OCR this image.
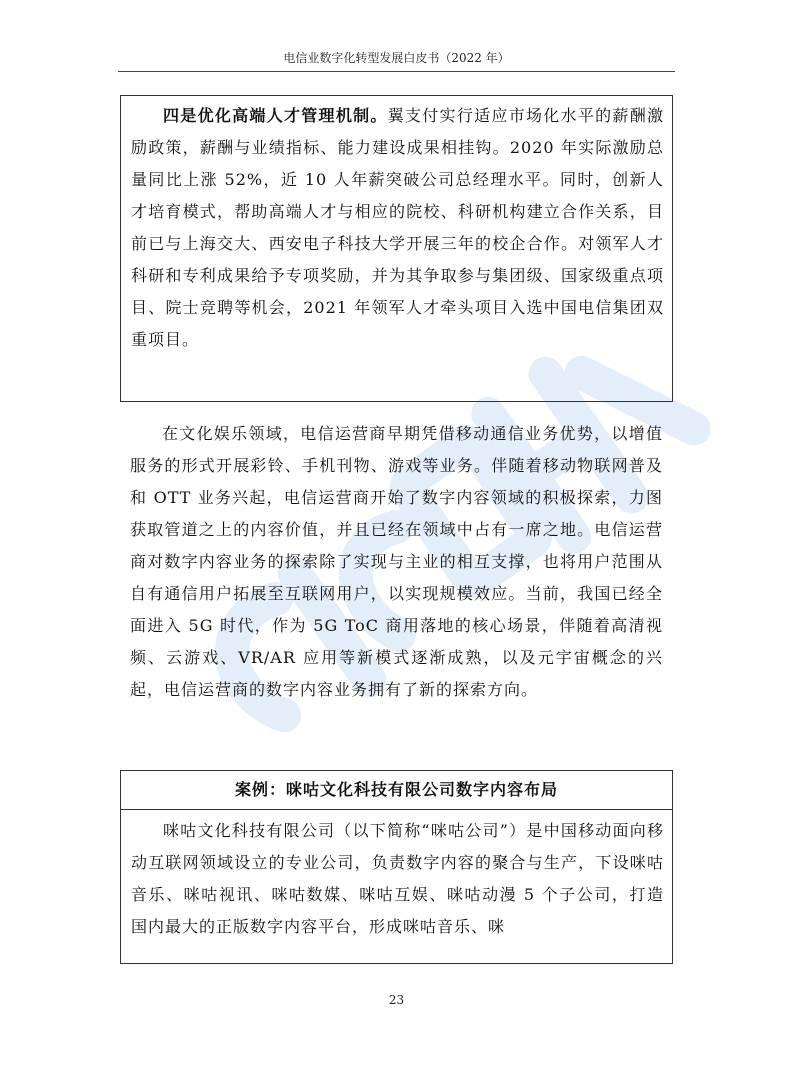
电信业数字化转型发展白皮书（2022 年）

四是优化高端人才管理机制。翼支付实行适应市场化水平的薪酬激励政策，薪酬与业绩指标、能力建设成果相挂钩。2020 年实际激励总量同比上涨 52%，近 10 人年薪突破公司总经理水平。同时，创新人才培育模式，帮助高端人才与相应的院校、科研机构建立合作关系，目前已与上海交大、西安电子科技大学开展三年的校企合作。对领军人才科研和专利成果给予专项奖励，并为其争取参与集团级、国家级重点项目、院士竞聘等机会，2021 年领军人才牵头项目入选中国电信集团双重项目。

在文化娱乐领域，电信运营商早期凭借移动通信业务优势，以增值服务的形式开展彩铃、手机刊物、游戏等业务。伴随着移动物联网普及和 OTT 业务兴起，电信运营商开始了数字内容领域的积极探索，力图获取管道之上的内容价值，并且已经在领域中占有一席之地。电信运营商对数字内容业务的探索除了实现与主业的相互支撑，也将用户范围从自有通信用户拓展至互联网用户，以实现规模效应。当前，我国已经全面进入 5G 时代，作为 5G ToC 商用落地的核心场景，伴随着高清视频、云游戏、VR/AR 应用等新模式逐渐成熟，以及元宇宙概念的兴起，电信运营商的数字内容业务拥有了新的探索方向。

案例：咪咕文化科技有限公司数字内容布局

咪咕文化科技有限公司（以下简称“咪咕公司”）是中国移动面向移动互联网领域设立的专业公司，负责数字内容的聚合与生产，下设咪咕音乐、咪咕视讯、咪咕数媒、咪咕互娱、咪咕动漫 5 个子公司，打造国内最大的正版数字内容平台，形成咪咕音乐、咪

23
